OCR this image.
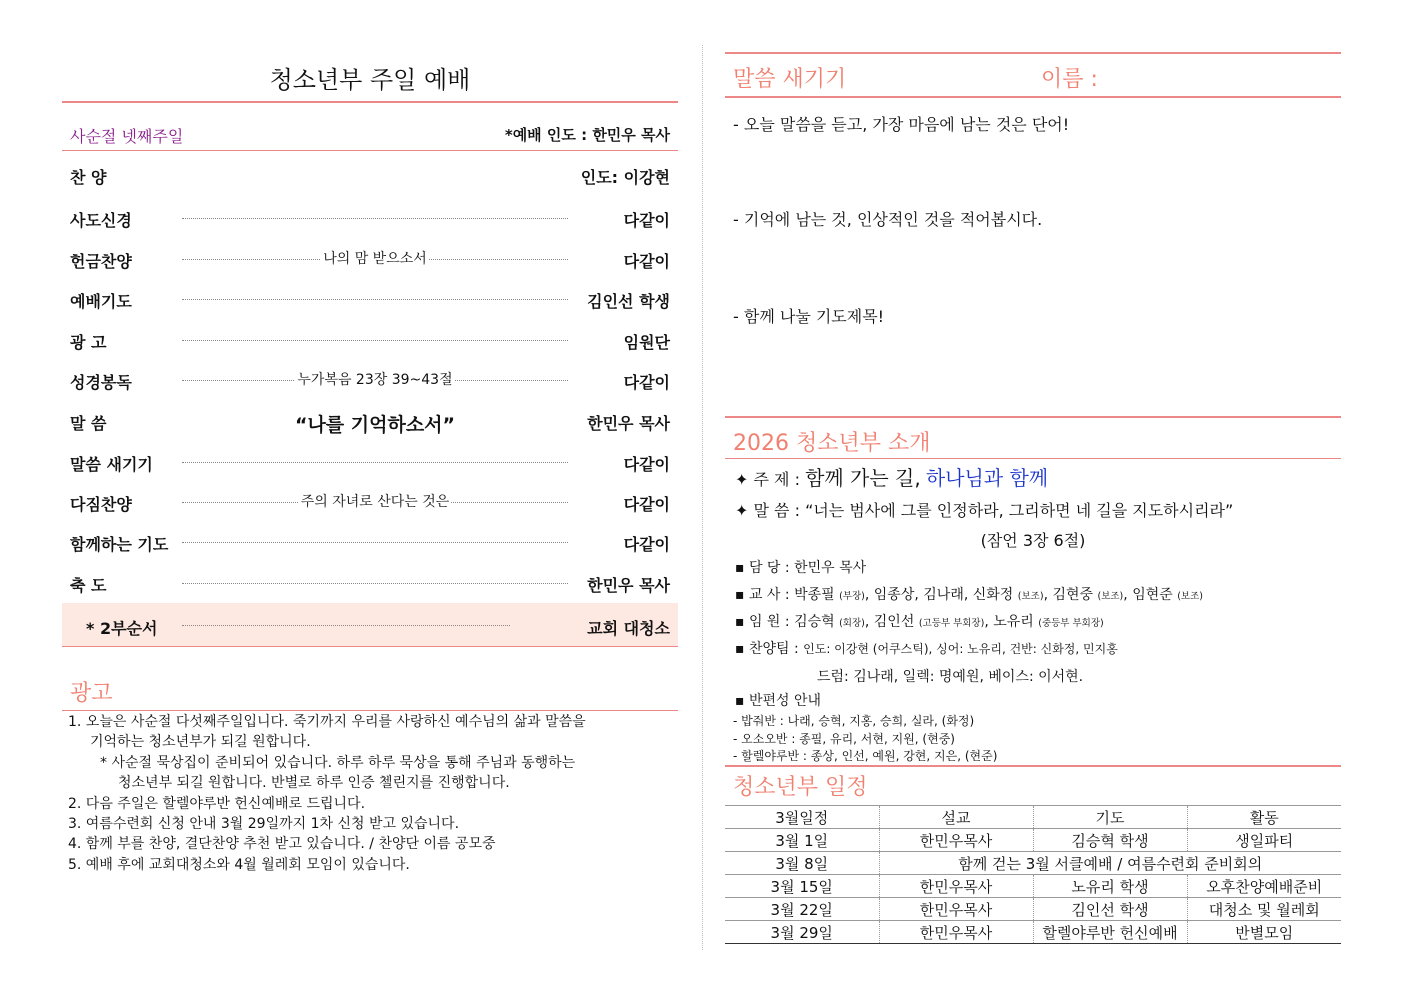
청소년부 주일 예배
사순절 넷째주일	*예배 인도 : 한민우 목사
찬 양	인도: 이강현
사도신경	다같이
헌금찬양	나의 맘 받으소서	다같이
예배기도	김인선 학생
광 고	임원단
성경봉독	누가복음 23장 39~43절	다같이
말 씀	“나를 기억하소서”	한민우 목사
말씀 새기기	다같이
다짐찬양	주의 자녀로 산다는 것은	다같이
함께하는 기도	다같이
축 도	한민우 목사
* 2부순서	교회 대청소
광고
1. 오늘은 사순절 다섯째주일입니다. 죽기까지 우리를 사랑하신 예수님의 삶과 말씀을
기억하는 청소년부가 되길 원합니다.
* 사순절 묵상집이 준비되어 있습니다. 하루 하루 묵상을 통해 주님과 동행하는
청소년부 되길 원합니다. 반별로 하루 인증 첼린지를 진행합니다.
2. 다음 주일은 할렐야루반 헌신예배로 드립니다.
3. 여름수련회 신청 안내 3월 29일까지 1차 신청 받고 있습니다.
4. 함께 부를 찬양, 결단찬양 추천 받고 있습니다. / 찬양단 이름 공모중
5. 예배 후에 교회대청소와 4월 월레회 모임이 있습니다.
말씀 새기기	이름 :
- 오늘 말씀을 듣고, 가장 마음에 남는 것은 단어!
- 기억에 남는 것, 인상적인 것을 적어봅시다.
- 함께 나눌 기도제목!
2026 청소년부 소개
✦ 주 제 : 함께 가는 길, 하나님과 함께
✦ 말 씀 : “너는 범사에 그를 인정하라, 그리하면 네 길을 지도하시리라”
(잠언 3장 6절)
▪ 담 당 : 한민우 목사
▪ 교 사 : 박종필 (부장), 임종상, 김나래, 신화정 (보조), 김현중 (보조), 임현준 (보조)
▪ 임 원 : 김승혁 (회장), 김인선 (고등부 부회장), 노유리 (중등부 부회장)
▪ 찬양팀 : 인도: 이강현 (어쿠스틱), 싱어: 노유리, 건반: 신화정, 민지홍
드럼: 김나래, 일렉: 명예원, 베이스: 이서현.
▪ 반편성 안내
- 밥줘반 : 나래, 승혁, 지홍, 승희, 실라, (화정)
- 오소오반 : 종필, 유리, 서현, 지원, (현중)
- 할렐야루반 : 종상, 인선, 예원, 강현, 지은, (현준)
청소년부 일정
3월일정	설교	기도	활동
3월 1일	한민우목사	김승혁 학생	생일파티
3월 8일	함께 걷는 3월 서클예배 / 여름수련회 준비회의		
3월 15일	한민우목사	노유리 학생	오후찬양예배준비
3월 22일	한민우목사	김인선 학생	대청소 및 월레회
3월 29일	한민우목사	할렐야루반 헌신예배	반별모임
